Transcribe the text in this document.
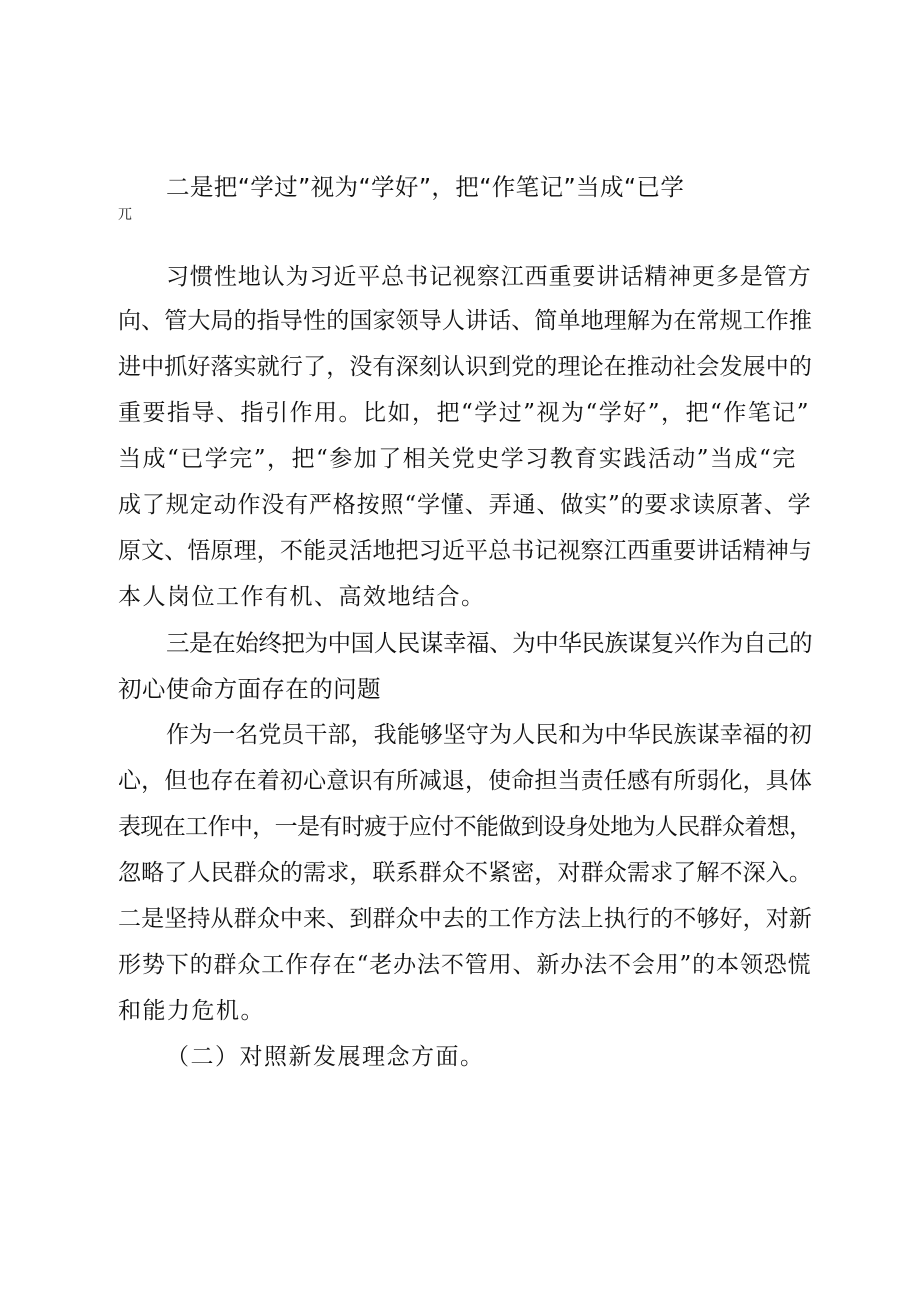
二是把“学过”视为“学好”，把“作笔记”当成“已学

兀

习惯性地认为习近平总书记视察江西重要讲话精神更多是管方

向、管大局的指导性的国家领导人讲话、简单地理解为在常规工作推

进中抓好落实就行了，没有深刻认识到党的理论在推动社会发展中的

重要指导、指引作用。比如，把“学过”视为“学好”，把“作笔记”

当成“已学完”，把“参加了相关党史学习教育实践活动”当成“完

成了规定动作没有严格按照“学懂、弄通、做实”的要求读原著、学

原文、悟原理，不能灵活地把习近平总书记视察江西重要讲话精神与

本人岗位工作有机、高效地结合。

三是在始终把为中国人民谋幸福、为中华民族谋复兴作为自己的

初心使命方面存在的问题

作为一名党员干部，我能够坚守为人民和为中华民族谋幸福的初

心，但也存在着初心意识有所减退，使命担当责任感有所弱化，具体

表现在工作中，一是有时疲于应付不能做到设身处地为人民群众着想，

忽略了人民群众的需求，联系群众不紧密，对群众需求了解不深入。

二是坚持从群众中来、到群众中去的工作方法上执行的不够好，对新

形势下的群众工作存在“老办法不管用、新办法不会用”的本领恐慌

和能力危机。

（二）对照新发展理念方面。
